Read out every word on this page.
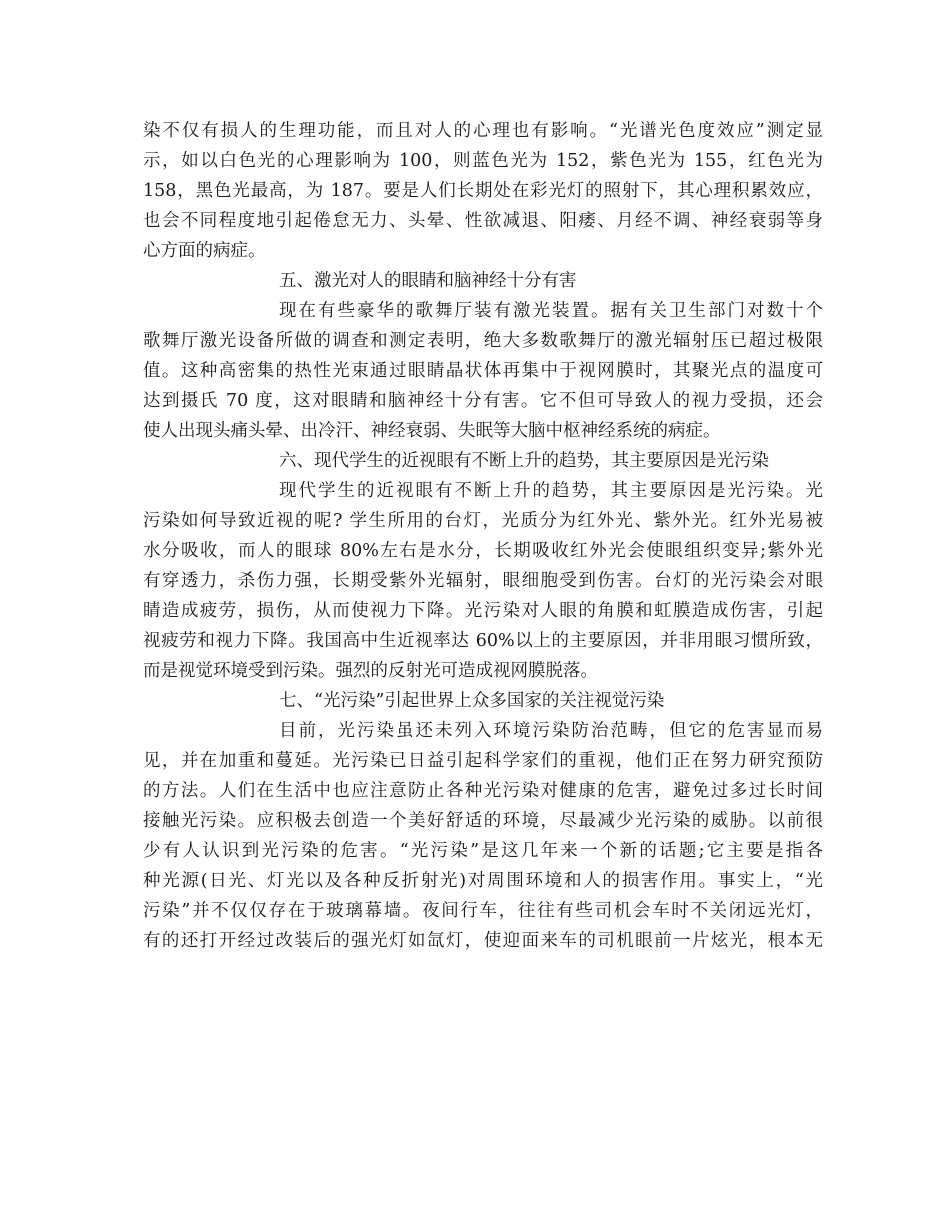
染不仅有损人的生理功能，而且对人的心理也有影响。“光谱光色度效应”测定显
示，如以白色光的心理影响为 100，则蓝色光为 152，紫色光为 155，红色光为
158，黑色光最高，为 187。要是人们长期处在彩光灯的照射下，其心理积累效应，
也会不同程度地引起倦怠无力、头晕、性欲减退、阳痿、月经不调、神经衰弱等身
心方面的病症。
五、激光对人的眼睛和脑神经十分有害
现在有些豪华的歌舞厅装有激光装置。据有关卫生部门对数十个
歌舞厅激光设备所做的调查和测定表明，绝大多数歌舞厅的激光辐射压已超过极限
值。这种高密集的热性光束通过眼睛晶状体再集中于视网膜时，其聚光点的温度可
达到摄氏 70 度，这对眼睛和脑神经十分有害。它不但可导致人的视力受损，还会
使人出现头痛头晕、出冷汗、神经衰弱、失眠等大脑中枢神经系统的病症。
六、现代学生的近视眼有不断上升的趋势，其主要原因是光污染
现代学生的近视眼有不断上升的趋势，其主要原因是光污染。光
污染如何导致近视的呢? 学生所用的台灯，光质分为红外光、紫外光。红外光易被
水分吸收，而人的眼球 80%左右是水分，长期吸收红外光会使眼组织变异;紫外光
有穿透力，杀伤力强，长期受紫外光辐射，眼细胞受到伤害。台灯的光污染会对眼
睛造成疲劳，损伤，从而使视力下降。光污染对人眼的角膜和虹膜造成伤害，引起
视疲劳和视力下降。我国高中生近视率达 60%以上的主要原因，并非用眼习惯所致，
而是视觉环境受到污染。强烈的反射光可造成视网膜脱落。
七、“光污染”引起世界上众多国家的关注视觉污染
目前，光污染虽还未列入环境污染防治范畴，但它的危害显而易
见，并在加重和蔓延。光污染已日益引起科学家们的重视，他们正在努力研究预防
的方法。人们在生活中也应注意防止各种光污染对健康的危害，避免过多过长时间
接触光污染。应积极去创造一个美好舒适的环境，尽最减少光污染的威胁。以前很
少有人认识到光污染的危害。“光污染”是这几年来一个新的话题;它主要是指各
种光源(日光、灯光以及各种反折射光)对周围环境和人的损害作用。事实上，“光
污染”并不仅仅存在于玻璃幕墙。夜间行车，往往有些司机会车时不关闭远光灯，
有的还打开经过改装后的强光灯如氙灯，使迎面来车的司机眼前一片炫光，根本无
